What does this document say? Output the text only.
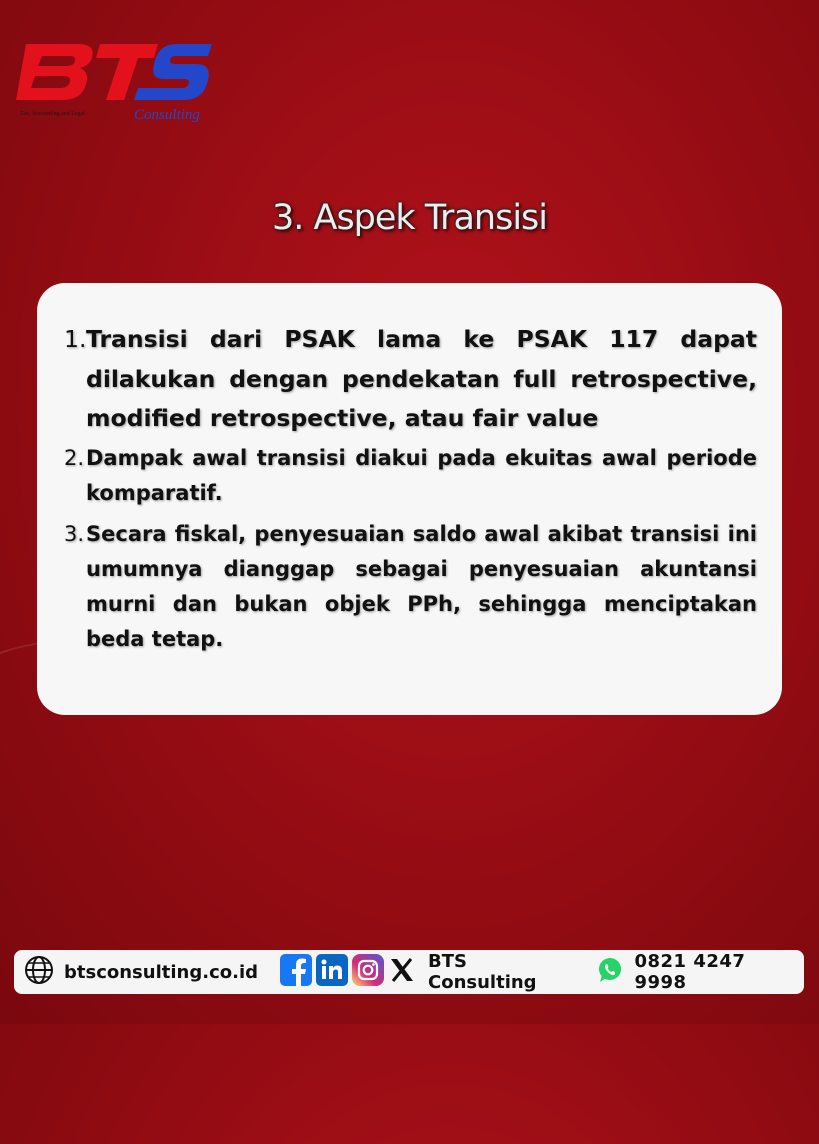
Tax, Accounting and Legal	Consulting
3. Aspek Transisi
1. Transisi dari PSAK lama ke PSAK 117 dapat dilakukan dengan pendekatan full retrospective, modified retrospective, atau fair value
2. Dampak awal transisi diakui pada ekuitas awal periode komparatif.
3. Secara fiskal, penyesuaian saldo awal akibat transisi ini umumnya dianggap sebagai penyesuaian akuntansi murni dan bukan objek PPh, sehingga menciptakan beda tetap.
btsconsulting.co.id	BTS Consulting
0821 4247 9998
